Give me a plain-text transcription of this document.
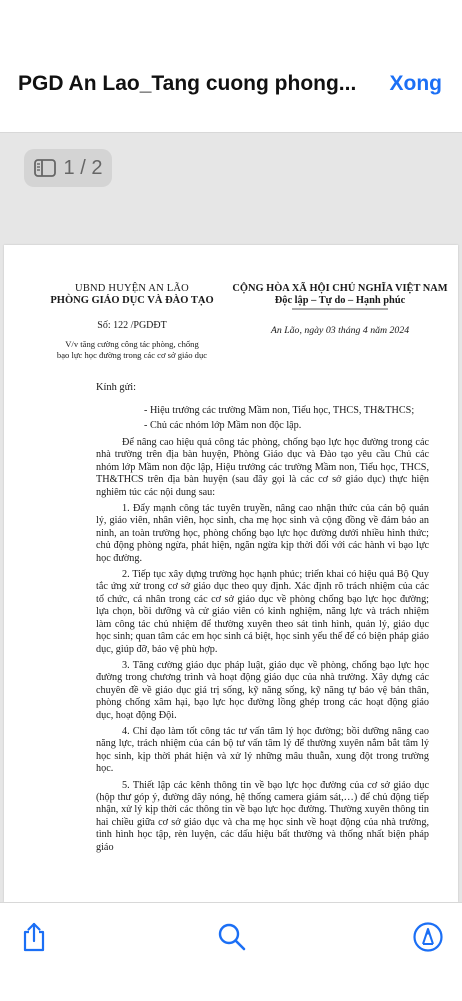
PGD An Lao_Tang cuong phong... Xong
1 / 2
UBND HUYỆN AN LÃO
PHÒNG GIÁO DỤC VÀ ĐÀO TẠO
Số: 122 /PGDĐT
V/v tăng cường công tác phòng, chống
bạo lực học đường trong các cơ sở giáo dục
CỘNG HÒA XÃ HỘI CHỦ NGHĨA VIỆT NAM
Độc lập – Tự do – Hạnh phúc
An Lão, ngày 03 tháng 4 năm 2024
Kính gửi:
- Hiệu trưởng các trường Mầm non, Tiểu học, THCS, TH&THCS;
- Chủ các nhóm lớp Mầm non độc lập.

Để nâng cao hiệu quả công tác phòng, chống bạo lực học đường trong các nhà trường trên địa bàn huyện, Phòng Giáo dục và Đào tạo yêu cầu Chủ các nhóm lớp Mầm non độc lập, Hiệu trưởng các trường Mầm non, Tiểu học, THCS, TH&THCS trên địa bàn huyện (sau đây gọi là các cơ sở giáo dục) thực hiện nghiêm túc các nội dung sau:

1. Đẩy mạnh công tác tuyên truyền, nâng cao nhận thức của cán bộ quản lý, giáo viên, nhân viên, học sinh, cha mẹ học sinh và cộng đồng về đảm bảo an ninh, an toàn trường học, phòng chống bạo lực học đường dưới nhiều hình thức; chủ động phòng ngừa, phát hiện, ngăn ngừa kịp thời đối với các hành vi bạo lực học đường.

2. Tiếp tục xây dựng trường học hạnh phúc; triển khai có hiệu quả Bộ Quy tắc ứng xử trong cơ sở giáo dục theo quy định. Xác định rõ trách nhiệm của các tổ chức, cá nhân trong các cơ sở giáo dục về phòng chống bạo lực học đường; lựa chọn, bồi dưỡng và cử giáo viên có kinh nghiệm, năng lực và trách nhiệm làm công tác chủ nhiệm để thường xuyên theo sát tình hình, quản lý, giáo dục học sinh; quan tâm các em học sinh cá biệt, học sinh yếu thế để có biện pháp giáo dục, giúp đỡ, bảo vệ phù hợp.

3. Tăng cường giáo dục pháp luật, giáo dục về phòng, chống bạo lực học đường trong chương trình và hoạt động giáo dục của nhà trường. Xây dựng các chuyên đề về giáo dục giá trị sống, kỹ năng sống, kỹ năng tự bảo vệ bản thân, phòng chống xâm hại, bạo lực học đường lồng ghép trong các hoạt động giáo dục, hoạt động Đội.

4. Chỉ đạo làm tốt công tác tư vấn tâm lý học đường; bồi dưỡng nâng cao năng lực, trách nhiệm của cán bộ tư vấn tâm lý để thường xuyên nắm bắt tâm lý học sinh, kịp thời phát hiện và xử lý những mâu thuẫn, xung đột trong trường học.

5. Thiết lập các kênh thông tin về bạo lực học đường của cơ sở giáo dục (hộp thư góp ý, đường dây nóng, hệ thống camera giám sát,…) để chủ động tiếp nhận, xử lý kịp thời các thông tin về bạo lực học đường. Thường xuyên thông tin hai chiều giữa cơ sở giáo dục và cha mẹ học sinh về hoạt động của nhà trường, tình hình học tập, rèn luyện, các dấu hiệu bất thường và thống nhất biện pháp giáo
